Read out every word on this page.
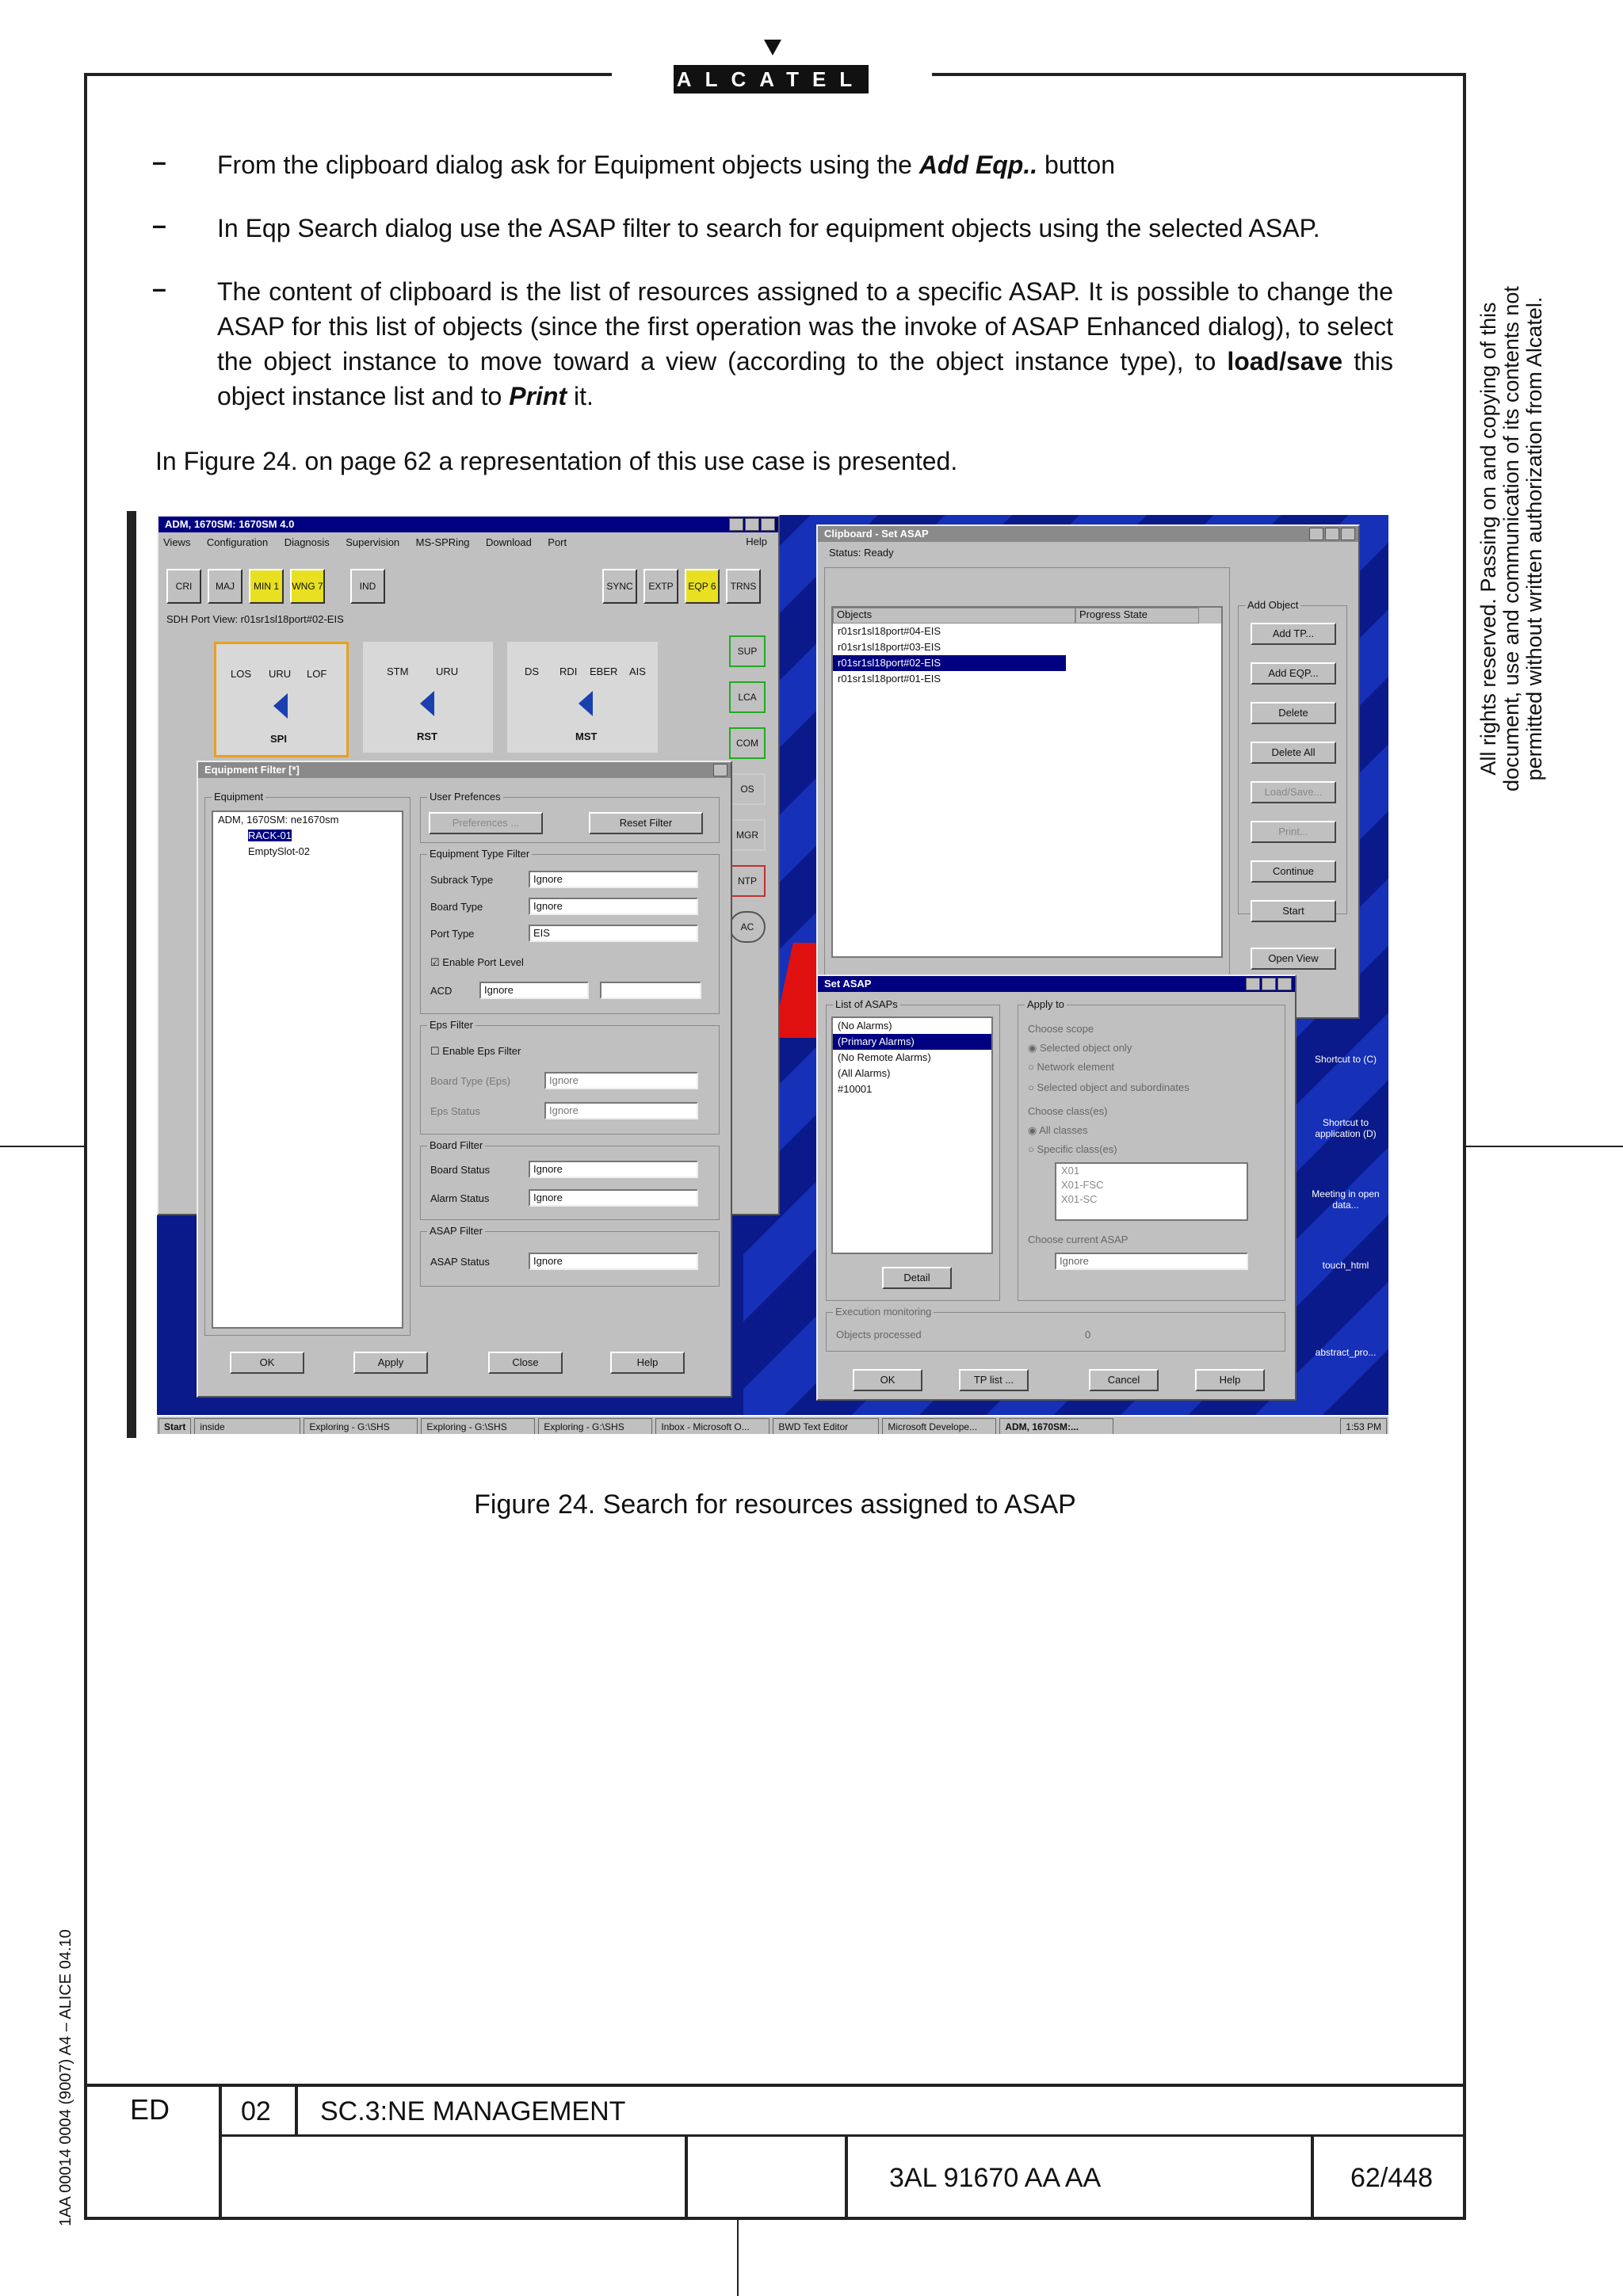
ALCATEL
All rights reserved. Passing on and copying of this document, use and communication of its contents not permitted without written authorization from Alcatel.
1AA 00014 0004 (9007) A4 – ALICE 04.10
– From the clipboard dialog ask for Equipment objects using the Add Eqp.. button
– In Eqp Search dialog use the ASAP filter to search for equipment objects using the selected ASAP.
– The content of clipboard is the list of resources assigned to a specific ASAP. It is possible to change the ASAP for this list of objects (since the first operation was the invoke of ASAP Enhanced dialog), to select the object instance to move toward a view (according to the object instance type), to load/save this object instance list and to Print it.
In Figure 24. on page 62 a representation of this use case is presented.
ADM, 1670SM: 1670SM 4.0
Views Configuration Diagnosis Supervision MS-SPRing Download Port	Help
CRI	MAJ	MIN 1	WNG 7	IND	SYNC	EXTP	EQP 6	TRNS
SDH Port View: r01sr1sl18port#02-EIS
LOS URU LOF
SPI
STM	URU
RST
DS RDI EBER AIS
MST
SUP
LCA
COM
OS
MGR
NTP
AC
Equipment Filter [*]
Equipment
ADM, 1670SM: ne1670sm
RACK-01
EmptySlot-02
User Prefences
Preferences ...	Reset Filter
Equipment Type Filter
Subrack Type	Ignore
Board Type	Ignore
Port Type	EIS
☑ Enable Port Level
ACD	Ignore
Eps Filter
☐ Enable Eps Filter
Board Type (Eps)	Ignore
Eps Status	Ignore
Board Filter
Board Status	Ignore
Alarm Status	Ignore
ASAP Filter
ASAP Status	Ignore
OK	Apply	Close	Help
Clipboard - Set ASAP
Status: Ready
Objects	Progress State
r01sr1sl18port#04-EIS
r01sr1sl18port#03-EIS
r01sr1sl18port#02-EIS
r01sr1sl18port#01-EIS
Add Object
Add TP...
Add EQP...
Delete
Delete All
Load/Save...
Print...
Continue
Start
Open View
Set ASAP
List of ASAPs
(No Alarms)
(Primary Alarms)
(No Remote Alarms)
(All Alarms)
#10001
Detail
Apply to
Choose scope
◉ Selected object only
○ Network element
○ Selected object and subordinates
Choose class(es)
◉ All classes
○ Specific class(es)
X01
X01-FSC
X01-SC
Choose current ASAP
Ignore
Execution monitoring
Objects processed	0
OK	TP list ...	Cancel	Help
Shortcut to (C)
Shortcut to application (D)
Meeting in open data...
touch_html
abstract_pro...
Start inside	Exploring - G:\SHS	Exploring - G:\SHS	Exploring - G:\SHS	Inbox - Microsoft O...	BWD Text Editor	Microsoft Develope...	ADM, 1670SM:...	1:53 PM
Figure 24. Search for resources assigned to ASAP
ED	02 SC.3:NE MANAGEMENT
3AL 91670 AA AA	62/448
